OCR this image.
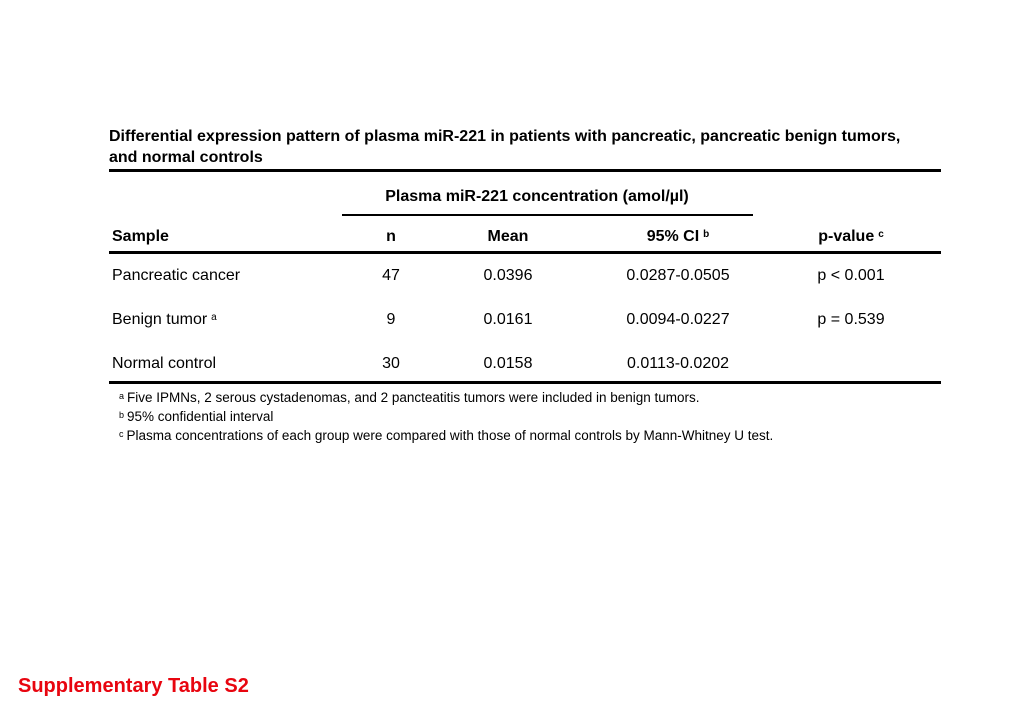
Differential expression pattern of plasma miR-221 in patients with pancreatic, pancreatic benign tumors, and normal controls
Plasma miR-221 concentration (amol/µl)
Sample	n	Mean	95% CI $^b$	p-value $^c$
Pancreatic cancer	47	0.0396	0.0287-0.0505	p < 0.001
Benign tumor $^a$	9	0.0161	0.0094-0.0227	p = 0.539
Normal control	30	0.0158	0.0113-0.0202
$^a$ Five IPMNs, 2 serous cystadenomas, and 2 pancteatitis tumors were included in benign tumors.
$^b$ 95% confidential interval
$^c$ Plasma concentrations of each group were compared with those of normal controls by Mann-Whitney U test.
Supplementary Table S2
